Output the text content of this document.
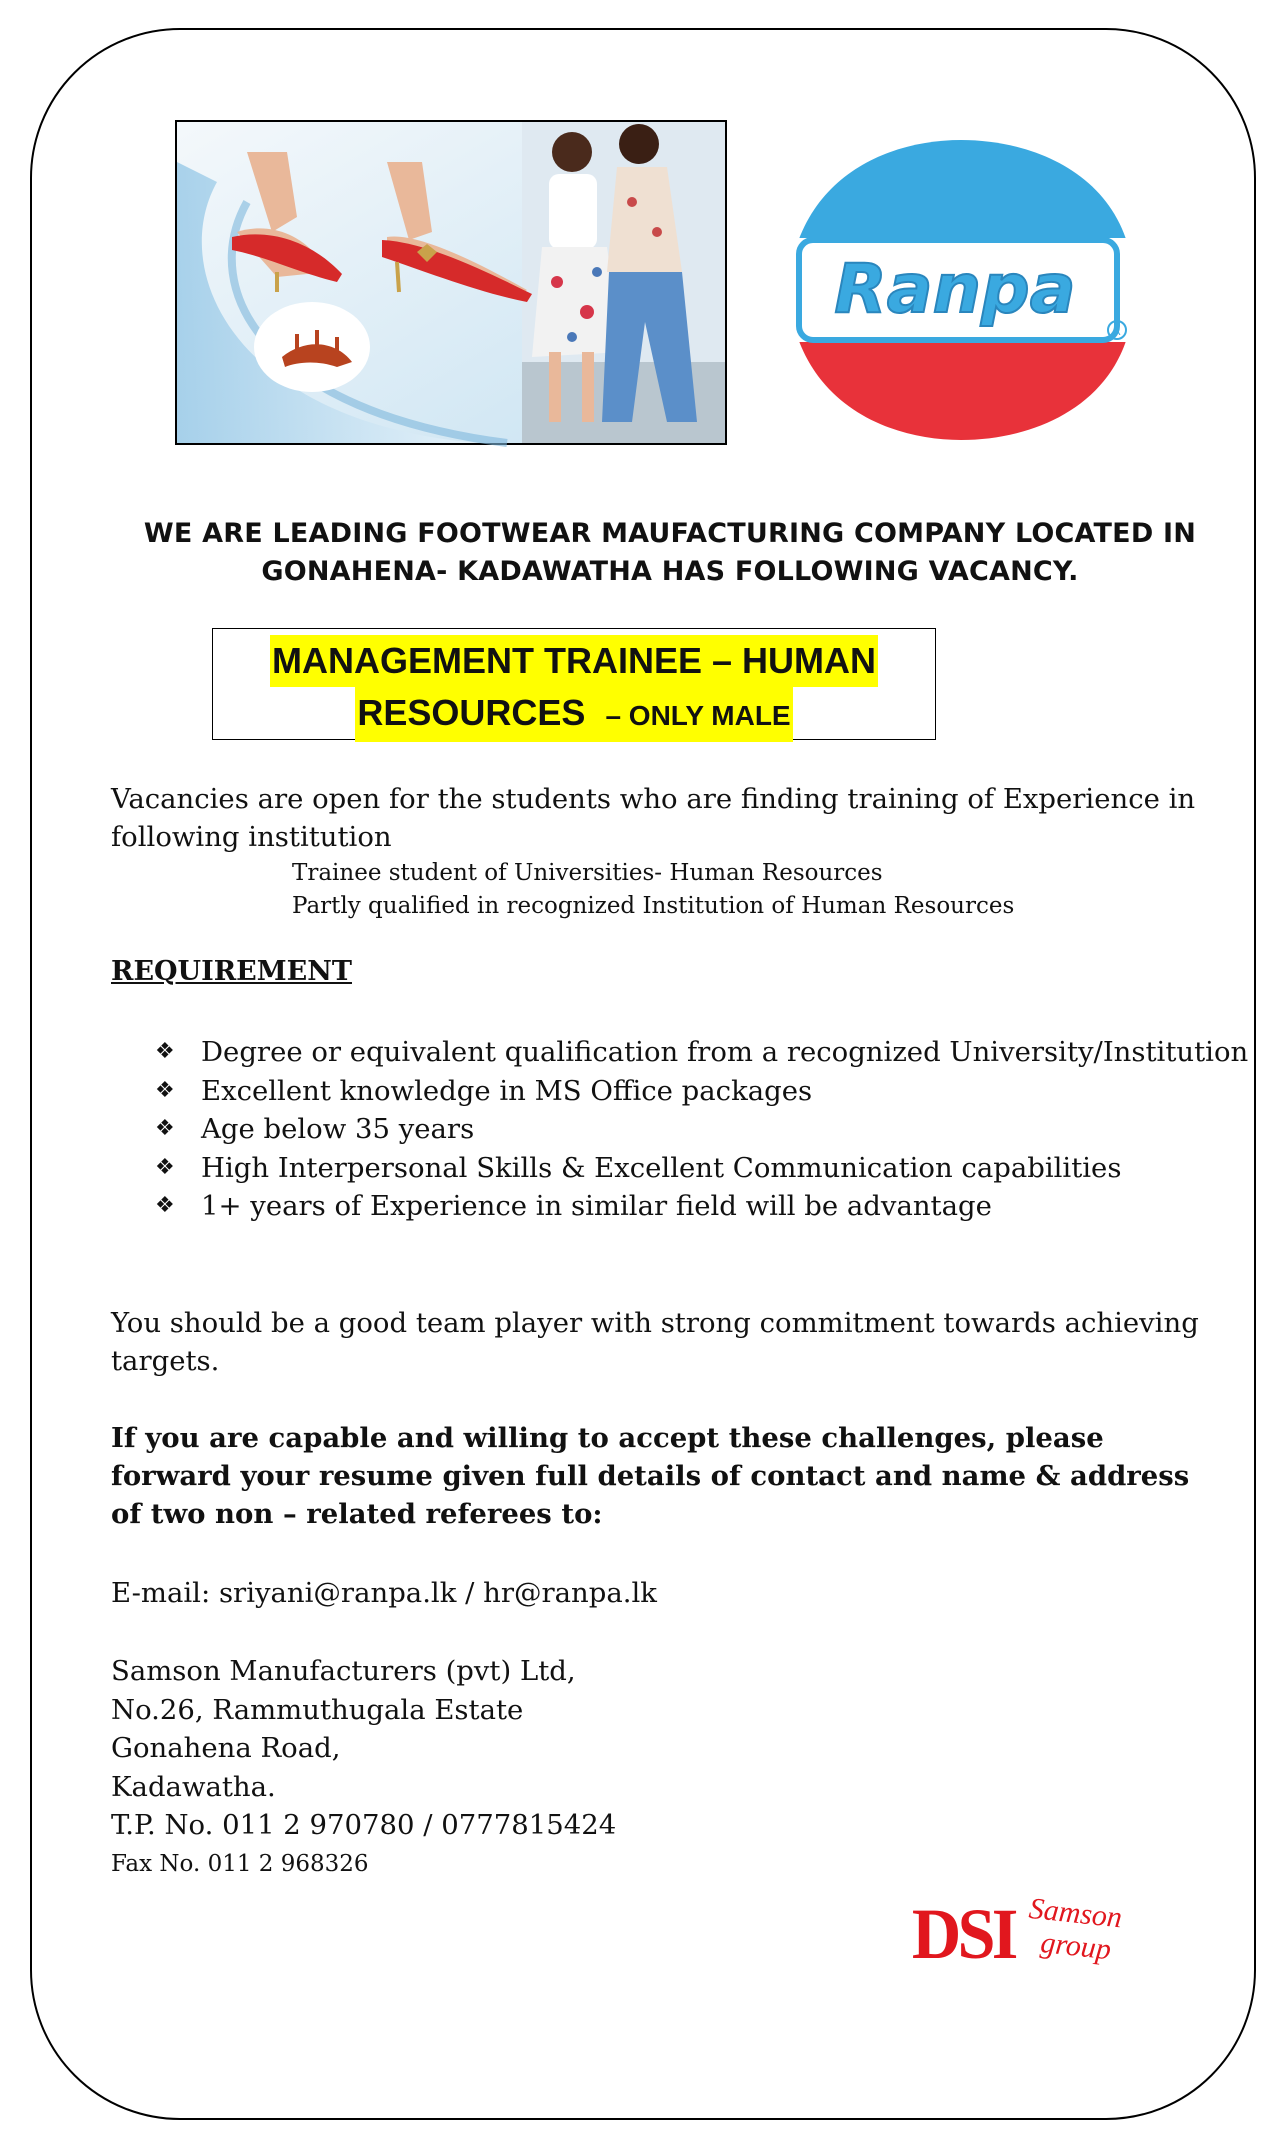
Ranpa
R
WE ARE LEADING FOOTWEAR MAUFACTURING COMPANY LOCATED IN
GONAHENA- KADAWATHA HAS FOLLOWING VACANCY.
MANAGEMENT TRAINEE – HUMAN
RESOURCES – ONLY MALE

Vacancies are open for the students who are finding training of Experience in following institution

Trainee student of Universities- Human Resources

Partly qualified in recognized Institution of Human Resources

REQUIREMENT

❖ Degree or equivalent qualification from a recognized University/Institution
❖ Excellent knowledge in MS Office packages
❖ Age below 35 years
❖ High Interpersonal Skills & Excellent Communication capabilities
❖ 1+ years of Experience in similar field will be advantage

You should be a good team player with strong commitment towards achieving targets.

If you are capable and willing to accept these challenges, please forward your resume given full details of contact and name & address of two non – related referees to:

E-mail: sriyani@ranpa.lk / hr@ranpa.lk

Samson Manufacturers (pvt) Ltd,
No.26, Rammuthugala Estate
Gonahena Road,
Kadawatha.
T.P. No. 011 2 970780 / 0777815424
Fax No. 011 2 968326
DSI Samson
group
